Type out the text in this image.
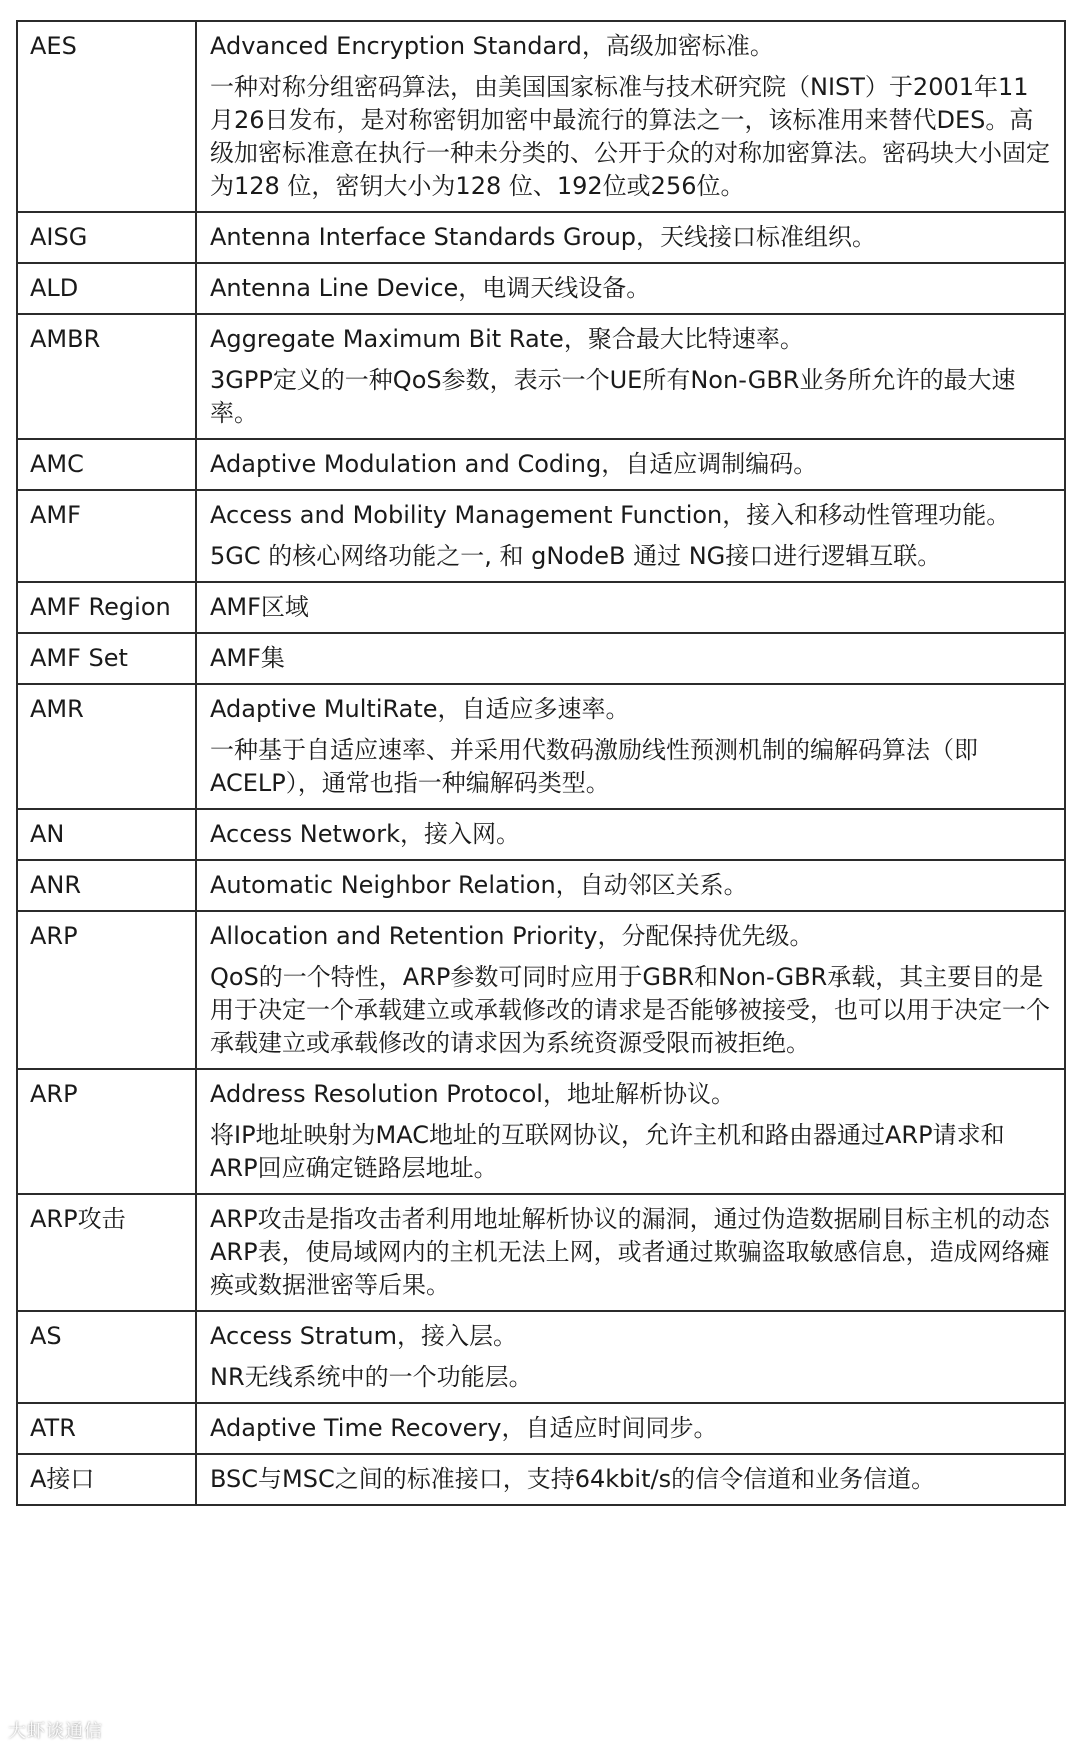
AES	Advanced Encryption Standard，高级加密标准。

一种对称分组密码算法，由美国国家标准与技术研究院（NIST）于2001年11月26日发布，是对称密钥加密中最流行的算法之一，该标准用来替代DES。高级加密标准意在执行一种未分类的、公开于众的对称加密算法。密码块大小固定为128 位，密钥大小为128 位、192位或256位。

AISG	Antenna Interface Standards Group，天线接口标准组织。

ALD	Antenna Line Device，电调天线设备。

AMBR	Aggregate Maximum Bit Rate，聚合最大比特速率。

3GPP定义的一种QoS参数，表示一个UE所有Non-GBR业务所允许的最大速率。

AMC	Adaptive Modulation and Coding，自适应调制编码。

AMF	Access and Mobility Management Function，接入和移动性管理功能。

5GC 的核心网络功能之一, 和 gNodeB 通过 NG接口进行逻辑互联。

AMF Region	AMF区域

AMF Set	AMF集

AMR	Adaptive MultiRate，自适应多速率。

一种基于自适应速率、并采用代数码激励线性预测机制的编解码算法（即ACELP），通常也指一种编解码类型。

AN	Access Network，接入网。

ANR	Automatic Neighbor Relation，自动邻区关系。

ARP	Allocation and Retention Priority，分配保持优先级。

QoS的一个特性，ARP参数可同时应用于GBR和Non-GBR承载，其主要目的是用于决定一个承载建立或承载修改的请求是否能够被接受，也可以用于决定一个承载建立或承载修改的请求因为系统资源受限而被拒绝。

ARP	Address Resolution Protocol，地址解析协议。

将IP地址映射为MAC地址的互联网协议，允许主机和路由器通过ARP请求和ARP回应确定链路层地址。

ARP攻击	ARP攻击是指攻击者利用地址解析协议的漏洞，通过伪造数据刷目标主机的动态ARP表，使局域网内的主机无法上网，或者通过欺骗盗取敏感信息，造成网络瘫痪或数据泄密等后果。

AS	Access Stratum，接入层。

NR无线系统中的一个功能层。

ATR	Adaptive Time Recovery，自适应时间同步。

A接口	BSC与MSC之间的标准接口，支持64kbit/s的信令信道和业务信道。

大虾谈通信
